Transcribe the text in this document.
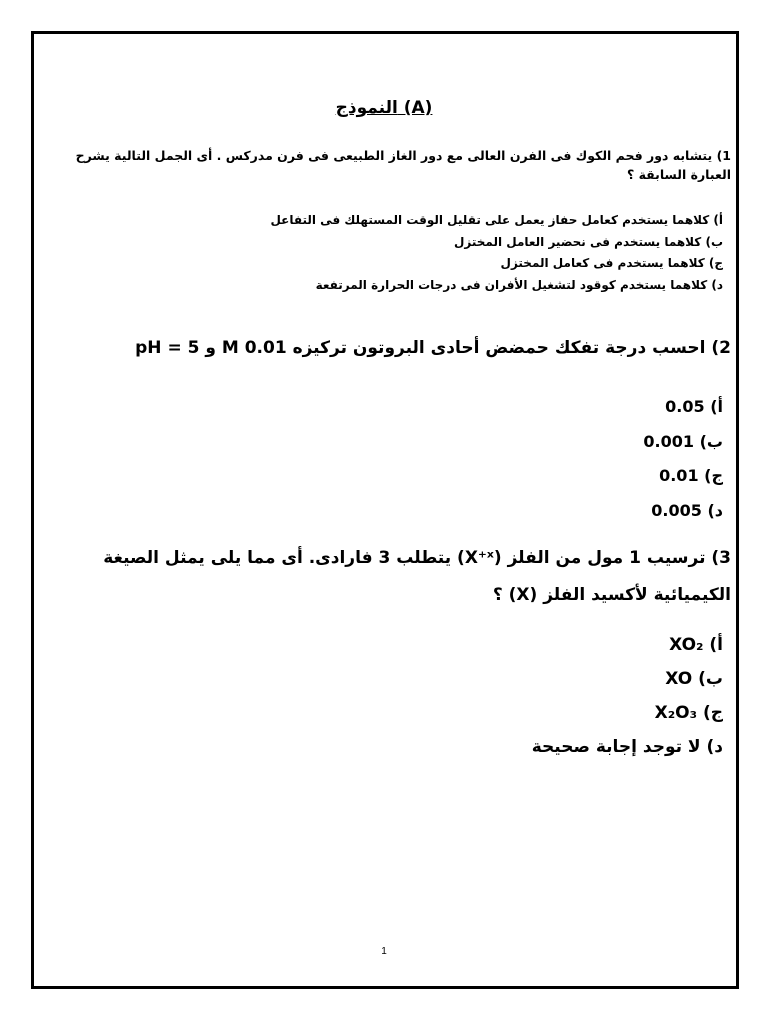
النموذج (A)
1) يتشابه دور فحم الكوك فى الفرن العالى مع دور الغاز الطبيعى فى فرن مدركس . أى الجمل التالية يشرح العبارة السابقة ؟
أ) كلاهما يستخدم كعامل حفاز يعمل على تقليل الوقت المستهلك فى التفاعل
ب) كلاهما يستخدم فى نحضير العامل المختزل
ج) كلاهما يستخدم فى كعامل المختزل
د) كلاهما يستخدم كوقود لتشغيل الأفران فى درجات الحرارة المرتفعة
2) احسب درجة تفكك حمضض أحادى البروتون تركيزه 0.01 M و pH = 5
أ) 0.05
ب) 0.001
ج) 0.01
د) 0.005
3) ترسيب 1 مول من الفلز (X⁺ˣ) يتطلب 3 فارادى. أى مما يلى يمثل الصيغة الكيميائية لأكسيد الفلز (X) ؟
أ) XO₂
ب) XO
ج) X₂O₃
د) لا توجد إجابة صحيحة
1
